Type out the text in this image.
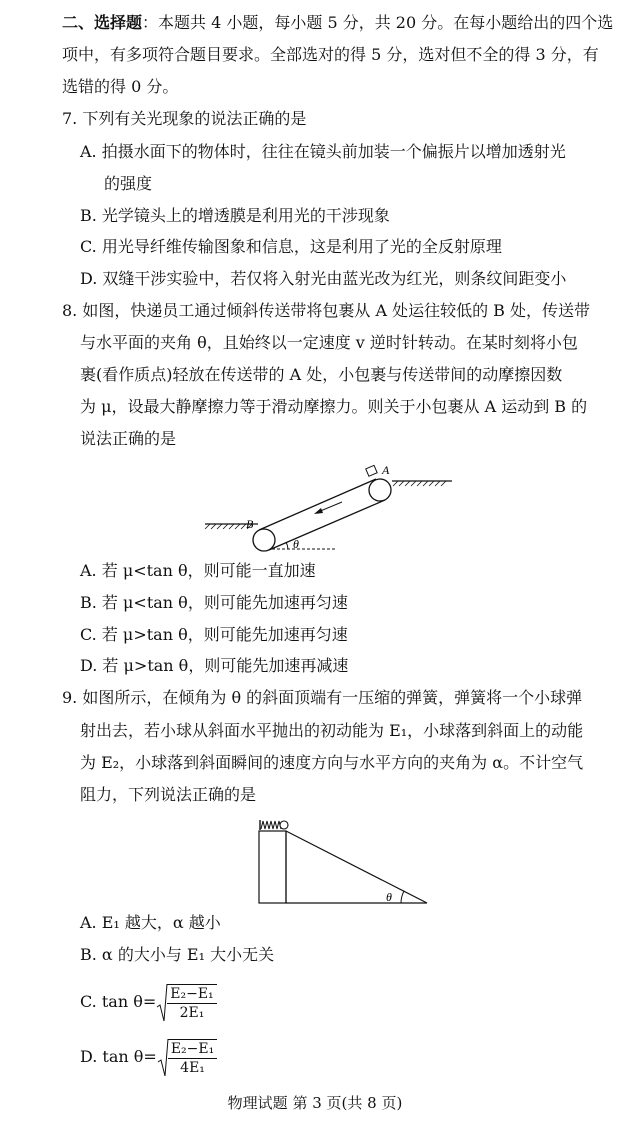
二、选择题：本题共 4 小题，每小题 5 分，共 20 分。在每小题给出的四个选
项中，有多项符合题目要求。全部选对的得 5 分，选对但不全的得 3 分，有
选错的得 0 分。
7. 下列有关光现象的说法正确的是
A. 拍摄水面下的物体时，往往在镜头前加装一个偏振片以增加透射光
的强度
B. 光学镜头上的增透膜是利用光的干涉现象
C. 用光导纤维传输图象和信息，这是利用了光的全反射原理
D. 双缝干涉实验中，若仅将入射光由蓝光改为红光，则条纹间距变小
8. 如图，快递员工通过倾斜传送带将包裹从 A 处运往较低的 B 处，传送带
与水平面的夹角 θ，且始终以一定速度 v 逆时针转动。在某时刻将小包
裹(看作质点)轻放在传送带的 A 处，小包裹与传送带间的动摩擦因数
为 μ，设最大静摩擦力等于滑动摩擦力。则关于小包裹从 A 运动到 B 的
说法正确的是
B
A
θ
A. 若 μ<tan θ，则可能一直加速
B. 若 μ<tan θ，则可能先加速再匀速
C. 若 μ>tan θ，则可能先加速再匀速
D. 若 μ>tan θ，则可能先加速再减速
9. 如图所示，在倾角为 θ 的斜面顶端有一压缩的弹簧，弹簧将一个小球弹
射出去，若小球从斜面水平抛出的初动能为 E₁，小球落到斜面上的动能
为 E₂，小球落到斜面瞬间的速度方向与水平方向的夹角为 α。不计空气
阻力，下列说法正确的是
θ
A. E₁ 越大，α 越小
B. α 的大小与 E₁ 大小无关
C. $\tan \theta= \frac{\text{E₂−E₁}}{\text{2E₁}}$
D. $\tan \theta= \frac{\text{E₂−E₁}}{\text{4E₁}}$
物理试题 第 3 页(共 8 页)
